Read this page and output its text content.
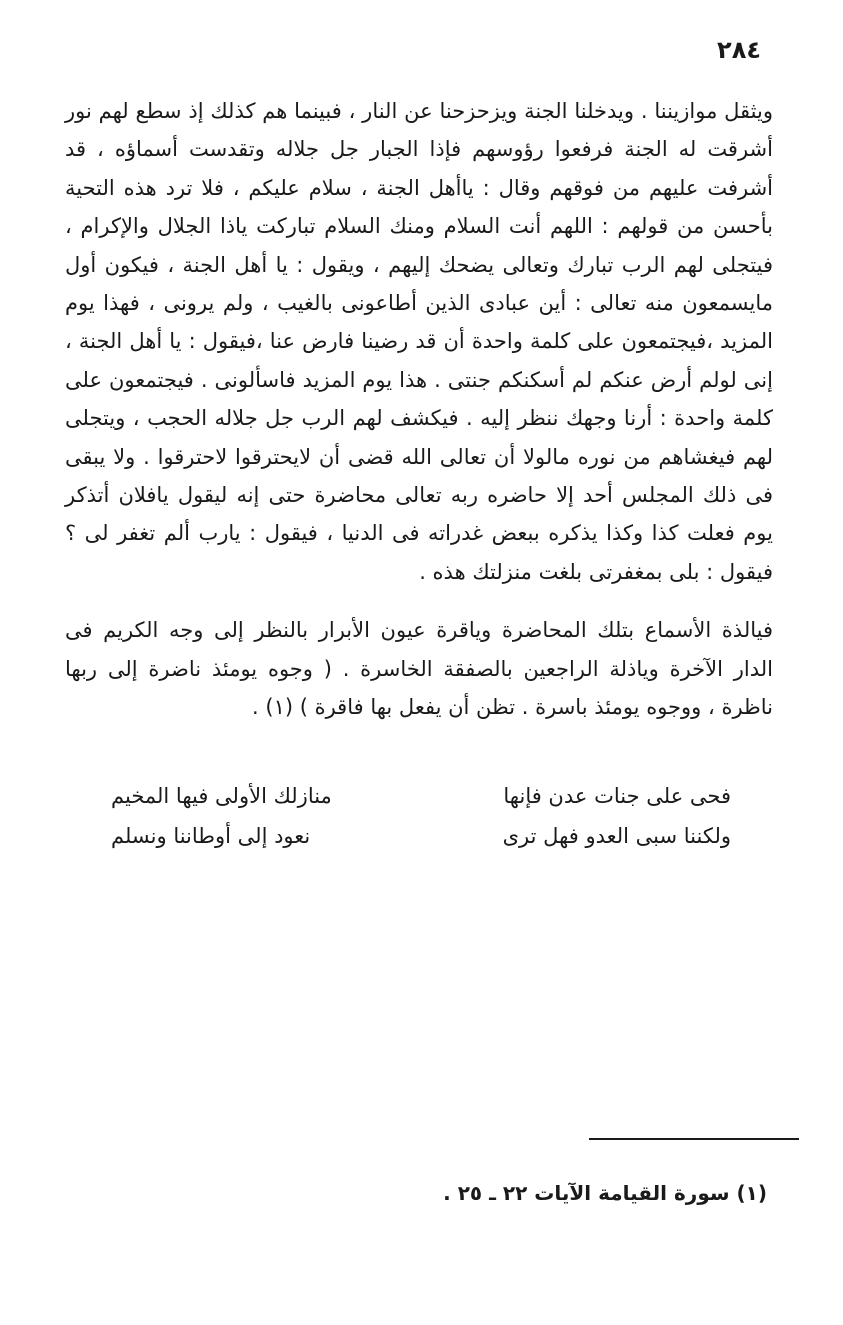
٢٨٤

ويثقل موازيننا . ويدخلنا الجنة ويزحزحنا عن النار ، فبينما هم كذلك إذ سطع لهم نور أشرقت له الجنة فرفعوا رؤوسهم فإذا الجبار جل جلاله وتقدست أسماؤه ، قد أشرفت عليهم من فوقهم وقال : ياأهل الجنة ، سلام عليكم ، فلا ترد هذه التحية بأحسن من قولهم : اللهم أنت السلام ومنك السلام تباركت ياذا الجلال والإكرام ، فيتجلى لهم الرب تبارك وتعالى يضحك إليهم ، ويقول : يا أهل الجنة ، فيكون أول مايسمعون منه تعالى : أين عبادى الذين أطاعونى بالغيب ، ولم يرونى ، فهذا يوم المزيد ،فيجتمعون على كلمة واحدة أن قد رضينا فارض عنا ،فيقول : يا أهل الجنة ، إنى لولم أرض عنكم لم أسكنكم جنتى . هذا يوم المزيد فاسألونى . فيجتمعون على كلمة واحدة : أرنا وجهك ننظر إليه . فيكشف لهم الرب جل جلاله الحجب ، ويتجلى لهم فيغشاهم من نوره مالولا أن تعالى الله قضى أن لايحترقوا لاحترقوا . ولا يبقى فى ذلك المجلس أحد إلا حاضره ربه تعالى محاضرة حتى إنه ليقول يافلان أتذكر يوم فعلت كذا وكذا يذكره ببعض غدراته فى الدنيا ، فيقول : يارب ألم تغفر لى ؟ فيقول : بلى بمغفرتى بلغت منزلتك هذه .

فيالذة الأسماع بتلك المحاضرة وياقرة عيون الأبرار بالنظر إلى وجه الكريم فى الدار الآخرة وياذلة الراجعين بالصفقة الخاسرة . ( وجوه يومئذ ناضرة إلى ربها ناظرة ، ووجوه يومئذ باسرة . تظن أن يفعل بها فاقرة ) (١) .

فحى على جنات عدن فإنها
منازلك الأولى فيها المخيم
ولكننا سبى العدو فهل ترى
نعود إلى أوطاننا ونسلم
(١) سورة القيامة الآيات ٢٢ ـ ٢٥ .
